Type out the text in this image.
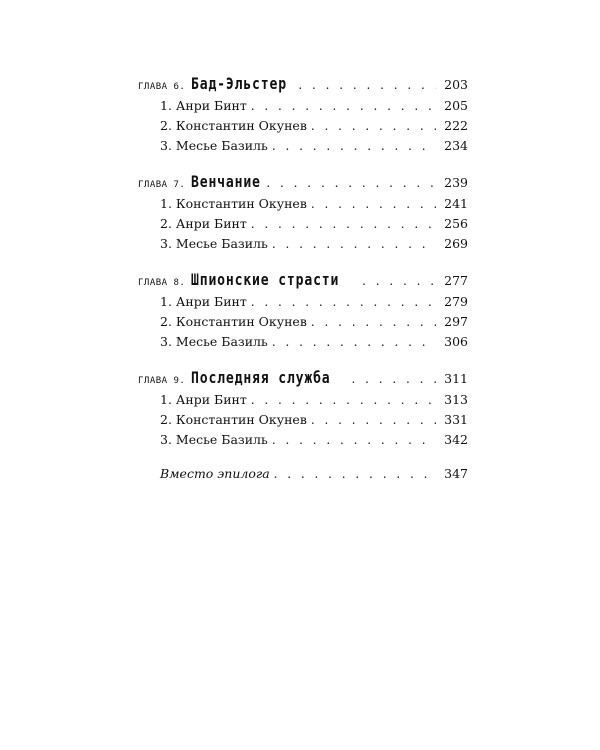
ГЛАВА 6. Бад-Эльстер . . .	203
1. Анри Бинт . . .	205
2. Константин Окунев . . .	222
3. Месье Базиль . . .	234
ГЛАВА 7. Венчание . . .	239
1. Константин Окунев . . .	241
2. Анри Бинт . . .	256
3. Месье Базиль . . .	269
ГЛАВА 8. Шпионские страсти . . .	277
1. Анри Бинт . . .	279
2. Константин Окунев . . .	297
3. Месье Базиль . . .	306
ГЛАВА 9. Последняя служба . . .	311
1. Анри Бинт . . .	313
2. Константин Окунев . . .	331
3. Месье Базиль . . .	342
Вместо эпилога . . .	347
